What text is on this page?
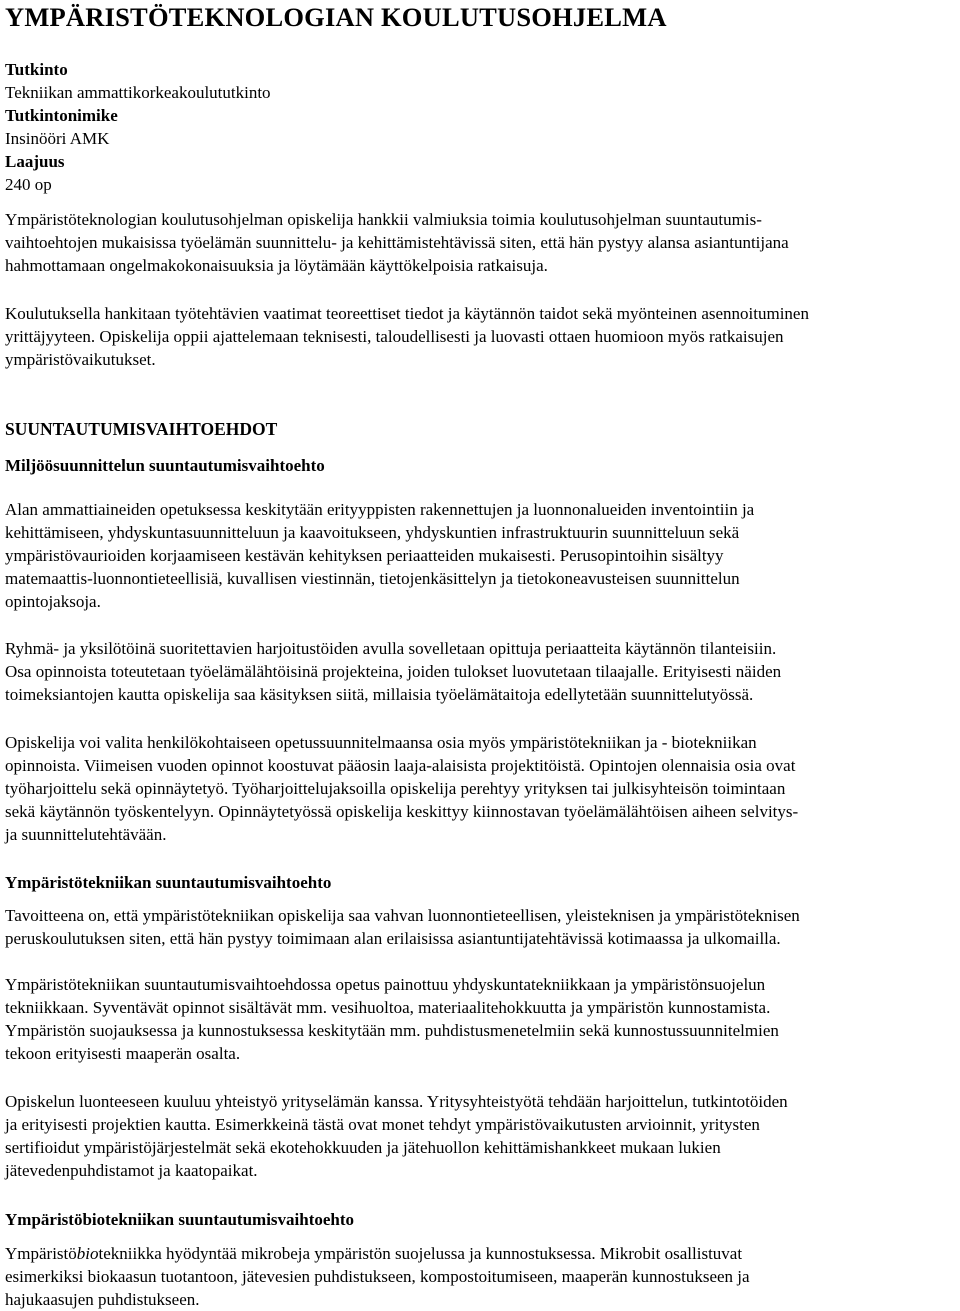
YMPÄRISTÖTEKNOLOGIAN KOULUTUSOHJELMA
Tutkinto
Tekniikan ammattikorkeakoulututkinto
Tutkintonimike
Insinööri AMK
Laajuus
240 op
Ympäristöteknologian koulutusohjelman opiskelija hankkii valmiuksia toimia koulutusohjelman suuntautumis-
vaihtoehtojen mukaisissa työelämän suunnittelu- ja kehittämistehtävissä siten, että hän pystyy alansa asiantuntijana
hahmottamaan ongelmakokonaisuuksia ja löytämään käyttökelpoisia ratkaisuja.
Koulutuksella hankitaan työtehtävien vaatimat teoreettiset tiedot ja käytännön taidot sekä myönteinen asennoituminen
yrittäjyyteen. Opiskelija oppii ajattelemaan teknisesti, taloudellisesti ja luovasti ottaen huomioon myös ratkaisujen
ympäristövaikutukset.
SUUNTAUTUMISVAIHTOEHDOT
Miljöösuunnittelun suuntautumisvaihtoehto
Alan ammattiaineiden opetuksessa keskitytään erityyppisten rakennettujen ja luonnonalueiden inventointiin ja
kehittämiseen, yhdyskuntasuunnitteluun ja kaavoitukseen, yhdyskuntien infrastruktuurin suunnitteluun sekä
ympäristövaurioiden korjaamiseen kestävän kehityksen periaatteiden mukaisesti. Perusopintoihin sisältyy
matemaattis-luonnontieteellisiä, kuvallisen viestinnän, tietojenkäsittelyn ja tietokoneavusteisen suunnittelun
opintojaksoja.
Ryhmä- ja yksilötöinä suoritettavien harjoitustöiden avulla sovelletaan opittuja periaatteita käytännön tilanteisiin.
Osa opinnoista toteutetaan työelämälähtöisinä projekteina, joiden tulokset luovutetaan tilaajalle. Erityisesti näiden
toimeksiantojen kautta opiskelija saa käsityksen siitä, millaisia työelämätaitoja edellytetään suunnittelutyössä.
Opiskelija voi valita henkilökohtaiseen opetussuunnitelmaansa osia myös ympäristötekniikan ja - biotekniikan
opinnoista. Viimeisen vuoden opinnot koostuvat pääosin laaja-alaisista projektitöistä. Opintojen olennaisia osia ovat
työharjoittelu sekä opinnäytetyö. Työharjoittelujaksoilla opiskelija perehtyy yrityksen tai julkisyhteisön toimintaan
sekä käytännön työskentelyyn. Opinnäytetyössä opiskelija keskittyy kiinnostavan työelämälähtöisen aiheen selvitys-
ja suunnittelutehtävään.
Ympäristötekniikan suuntautumisvaihtoehto
Tavoitteena on, että ympäristötekniikan opiskelija saa vahvan luonnontieteellisen, yleisteknisen ja ympäristöteknisen
peruskoulutuksen siten, että hän pystyy toimimaan alan erilaisissa asiantuntijatehtävissä kotimaassa ja ulkomailla.
Ympäristötekniikan suuntautumisvaihtoehdossa opetus painottuu yhdyskuntatekniikkaan ja ympäristönsuojelun
tekniikkaan. Syventävät opinnot sisältävät mm. vesihuoltoa, materiaalitehokkuutta ja ympäristön kunnostamista.
Ympäristön suojauksessa ja kunnostuksessa keskitytään mm. puhdistusmenetelmiin sekä kunnostussuunnitelmien
tekoon erityisesti maaperän osalta.
Opiskelun luonteeseen kuuluu yhteistyö yrityselämän kanssa. Yritysyhteistyötä tehdään harjoittelun, tutkintotöiden
ja erityisesti projektien kautta. Esimerkkeinä tästä ovat monet tehdyt ympäristövaikutusten arvioinnit, yritysten
sertifioidut ympäristöjärjestelmät sekä ekotehokkuuden ja jätehuollon kehittämishankkeet mukaan lukien
jätevedenpuhdistamot ja kaatopaikat.
Ympäristöbiotekniikan suuntautumisvaihtoehto
Ympäristöbiotekniikka hyödyntää mikrobeja ympäristön suojelussa ja kunnostuksessa. Mikrobit osallistuvat
esimerkiksi biokaasun tuotantoon, jätevesien puhdistukseen, kompostoitumiseen, maaperän kunnostukseen ja
hajukaasujen puhdistukseen.
